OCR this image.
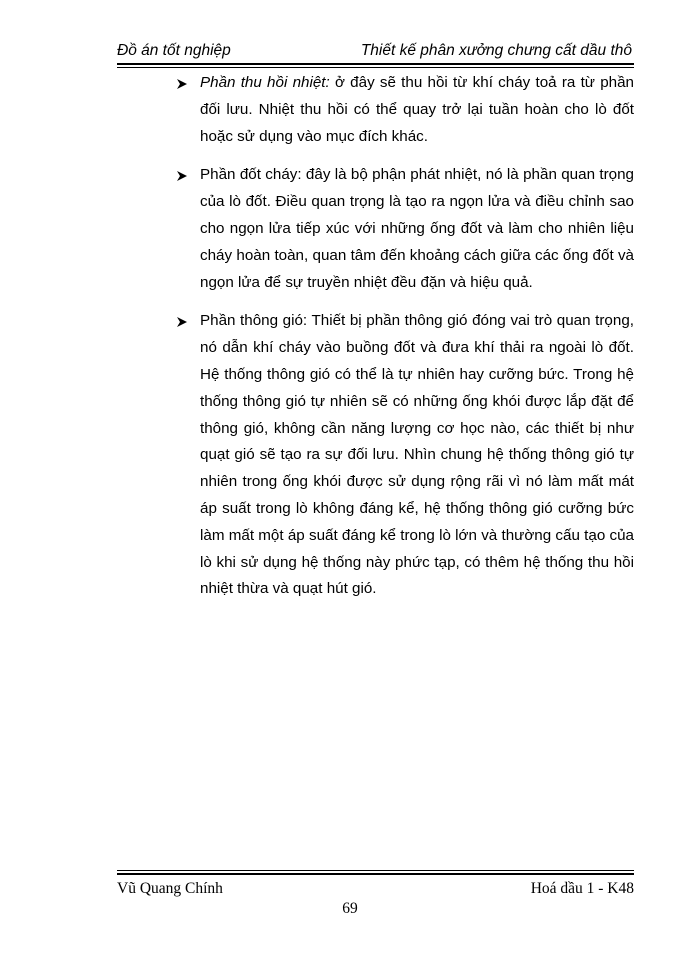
Đồ án tốt nghiệp	Thiết kế phân xưởng chưng cất dầu thô
Phần thu hồi nhiệt: ở đây sẽ thu hồi từ khí cháy toả ra từ phần đối lưu. Nhiệt thu hồi có thể quay trở lại tuần hoàn cho lò đốt hoặc sử dụng vào mục đích khác.
Phần đốt cháy: đây là bộ phận phát nhiệt, nó là phần quan trọng của lò đốt. Điều quan trọng là tạo ra ngọn lửa và điều chỉnh sao cho ngọn lửa tiếp xúc với những ống đốt và làm cho nhiên liệu cháy hoàn toàn, quan tâm đến khoảng cách giữa các ống đốt và ngọn lửa để sự truyền nhiệt đều đặn và hiệu quả.
Phần thông gió: Thiết bị phần thông gió đóng vai trò quan trọng, nó dẫn khí cháy vào buồng đốt và đưa khí thải ra ngoài lò đốt. Hệ thống thông gió có thể là tự nhiên hay cưỡng bức. Trong hệ thống thông gió tự nhiên sẽ có những ống khói được lắp đặt để thông gió, không cần năng lượng cơ học nào, các thiết bị như quạt gió sẽ tạo ra sự đối lưu. Nhìn chung hệ thống thông gió tự nhiên trong ống khói được sử dụng rộng rãi vì nó làm mất mát áp suất trong lò không đáng kể, hệ thống thông gió cưỡng bức làm mất một áp suất đáng kể trong lò lớn và thường cấu tạo của lò khi sử dụng hệ thống này phức tạp, có thêm hệ thống thu hồi nhiệt thừa và quạt hút gió.
Vũ Quang Chính	Hoá dầu 1 - K48
69
